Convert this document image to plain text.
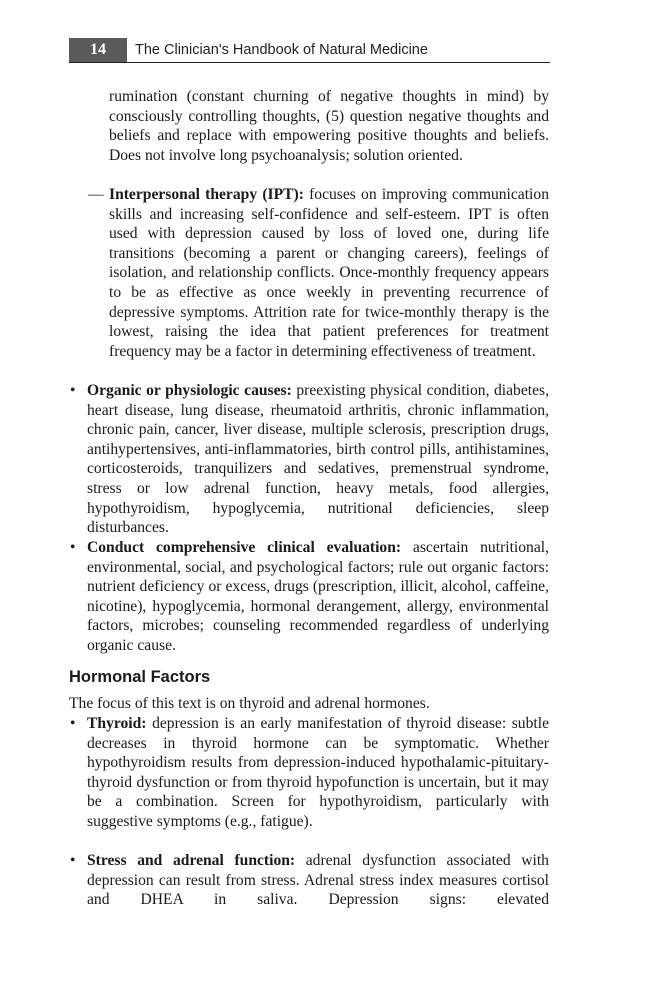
14	The Clinician's Handbook of Natural Medicine
rumination (constant churning of negative thoughts in mind) by consciously controlling thoughts, (5) question negative thoughts and beliefs and replace with empowering positive thoughts and beliefs. Does not involve long psychoanalysis; solution oriented.
— Interpersonal therapy (IPT): focuses on improving communication skills and increasing self-confidence and self-esteem. IPT is often used with depression caused by loss of loved one, during life transitions (becoming a parent or changing careers), feelings of isolation, and relationship conflicts. Once-monthly frequency appears to be as effective as once weekly in preventing recurrence of depressive symptoms. Attrition rate for twice-monthly therapy is the lowest, raising the idea that patient preferences for treatment frequency may be a factor in determining effectiveness of treatment.
• Organic or physiologic causes: preexisting physical condition, diabetes, heart disease, lung disease, rheumatoid arthritis, chronic inflammation, chronic pain, cancer, liver disease, multiple sclerosis, prescription drugs, antihypertensives, anti-inflammatories, birth control pills, antihistamines, corticosteroids, tranquilizers and sedatives, premenstrual syndrome, stress or low adrenal function, heavy metals, food allergies, hypothyroidism, hypoglycemia, nutritional deficiencies, sleep disturbances.
• Conduct comprehensive clinical evaluation: ascertain nutritional, environmental, social, and psychological factors; rule out organic factors: nutrient deficiency or excess, drugs (prescription, illicit, alcohol, caffeine, nicotine), hypoglycemia, hormonal derangement, allergy, environmental factors, microbes; counseling recommended regardless of underlying organic cause.
Hormonal Factors
The focus of this text is on thyroid and adrenal hormones.
• Thyroid: depression is an early manifestation of thyroid disease: subtle decreases in thyroid hormone can be symptomatic. Whether hypothyroidism results from depression-induced hypothalamic-pituitary-thyroid dysfunction or from thyroid hypofunction is uncertain, but it may be a combination. Screen for hypothyroidism, particularly with suggestive symptoms (e.g., fatigue).
• Stress and adrenal function: adrenal dysfunction associated with depression can result from stress. Adrenal stress index measures cortisol and DHEA in saliva. Depression signs: elevated
